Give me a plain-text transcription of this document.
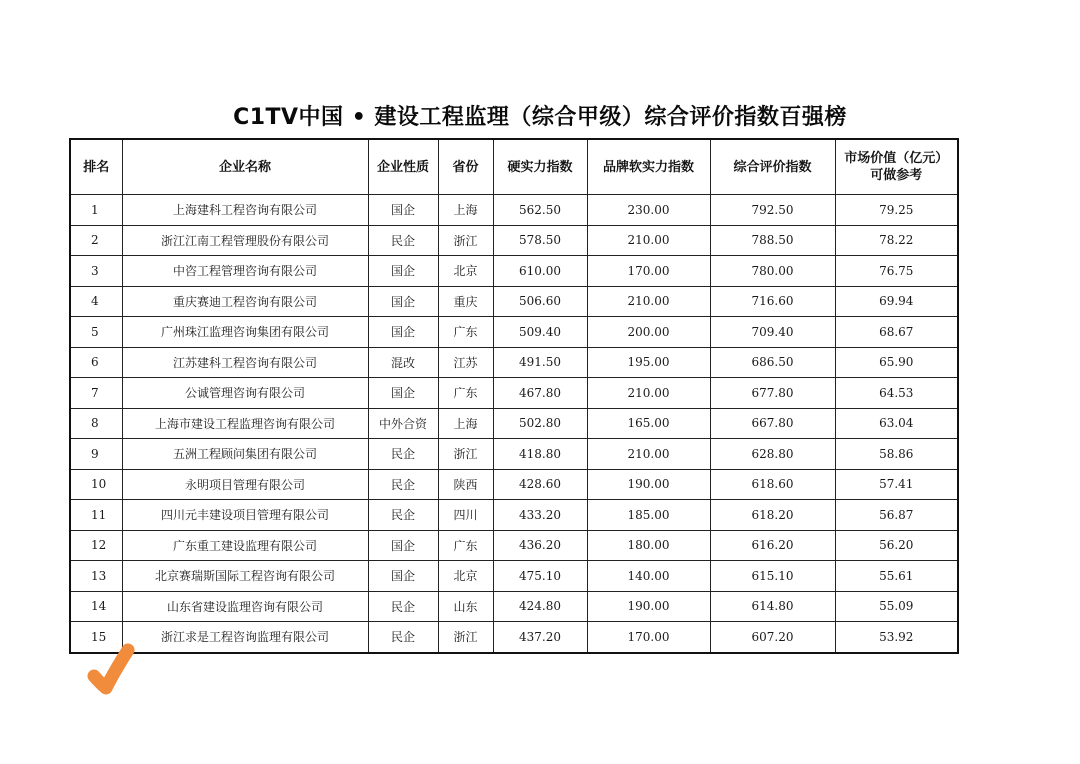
C1TV中国 • 建设工程监理（综合甲级）综合评价指数百强榜
排名	企业名称	企业性质	省份	硬实力指数	品牌软实力指数	综合评价指数	市场价值（亿元）
可做参考

1	上海建科工程咨询有限公司	国企	上海	562.50	230.00	792.50	79.25
2	浙江江南工程管理股份有限公司	民企	浙江	578.50	210.00	788.50	78.22
3	中咨工程管理咨询有限公司	国企	北京	610.00	170.00	780.00	76.75
4	重庆赛迪工程咨询有限公司	国企	重庆	506.60	210.00	716.60	69.94
5	广州珠江监理咨询集团有限公司	国企	广东	509.40	200.00	709.40	68.67
6	江苏建科工程咨询有限公司	混改	江苏	491.50	195.00	686.50	65.90
7	公诚管理咨询有限公司	国企	广东	467.80	210.00	677.80	64.53
8	上海市建设工程监理咨询有限公司	中外合资	上海	502.80	165.00	667.80	63.04
9	五洲工程顾问集团有限公司	民企	浙江	418.80	210.00	628.80	58.86
10	永明项目管理有限公司	民企	陕西	428.60	190.00	618.60	57.41
11	四川元丰建设项目管理有限公司	民企	四川	433.20	185.00	618.20	56.87
12	广东重工建设监理有限公司	国企	广东	436.20	180.00	616.20	56.20
13	北京赛瑞斯国际工程咨询有限公司	国企	北京	475.10	140.00	615.10	55.61
14	山东省建设监理咨询有限公司	民企	山东	424.80	190.00	614.80	55.09
15	浙江求是工程咨询监理有限公司	民企	浙江	437.20	170.00	607.20	53.92
